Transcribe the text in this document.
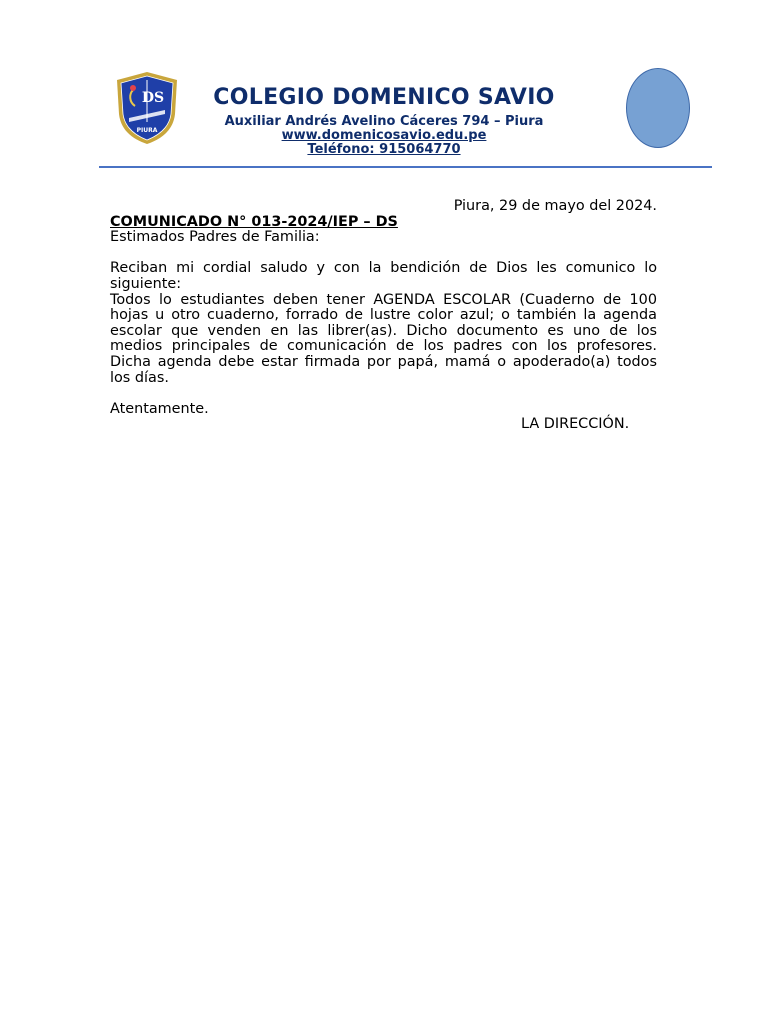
DS
PIURA
COLEGIO DOMENICO SAVIO
Auxiliar Andrés Avelino Cáceres 794 – Piura
www.domenicosavio.edu.pe
Teléfono: 915064770
Piura, 29 de mayo del 2024.
COMUNICADO N° 013-2024/IEP – DS
Estimados Padres de Familia:

Reciban mi cordial saludo y con la bendición de Dios les comunico lo siguiente:

Todos lo estudiantes deben tener AGENDA ESCOLAR (Cuaderno de 100 hojas u otro cuaderno, forrado de lustre color azul; o también la agenda escolar que venden en las librer(as). Dicho documento es uno de los medios principales de comunicación de los padres con los profesores. Dicha agenda debe estar firmada por papá, mamá o apoderado(a) todos los días.

Atentamente.
LA DIRECCIÓN.
